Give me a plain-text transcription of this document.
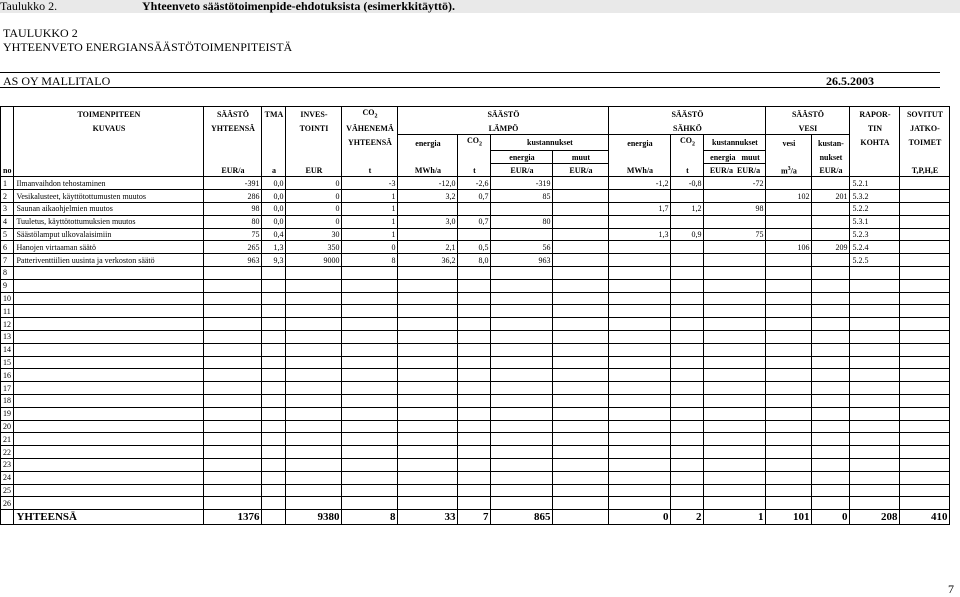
Taulukko 2.	Yhteenveto säästötoimenpide-ehdotuksista (esimerkkitäyttö).
TAULUKKO 2
YHTEENVETO ENERGIANSÄÄSTÖTOIMENPITEISTÄ
AS OY MALLITALO	26.5.2003
	TOIMENPITEEN	SÄÄSTÖ	TMA	INVES-	$CO_2$	SÄÄSTÖ				SÄÄSTÖ			SÄÄSTÖ		RAPOR-	SOVITUT
	KUVAUS	YHTEENSÄ		TOINTI	VÄHENEMÄ	LÄMPÖ				SÄHKÖ			VESI		TIN	JATKO-
					YHTEENSÄ	energia	$CO_2$	kustannukset		energia	$CO_2$	kustannukset	vesi	kustan-	KOHTA	TOIMET
								energia	muut			energia muut		nukset		
no		EUR/a	a	EUR	t	MWh/a	t	EUR/a	EUR/a	MWh/a	t	EUR/a EUR/a	$m^3/a$	EUR/a		T,P,H,E
1	Ilmanvaihdon tehostaminen	-391	0,0	0	-3	-12,0	-2,6	-319		-1,2	-0,8	-72			5.2.1	
2	Vesikalusteet, käyttötottumusten muutos	286	0,0	0	1	3,2	0,7	85					102	201	5.3.2	
3	Saunan aikaohjelmien muutos	98	0,0	0	1					1,7	1,2	98			5.2.2	
4	Tuuletus, käyttötottumuksien muutos	80	0,0	0	1	3,0	0,7	80							5.3.1	
5	Säästölamput ulkovalaisimiin	75	0,4	30	1					1,3	0,9	75			5.2.3	
6	Hanojen virtaaman säätö	265	1,3	350	0	2,1	0,5	56					106	209	5.2.4	
7	Patteriventtiilien uusinta ja verkoston säätö	963	9,3	9000	8	36,2	8,0	963							5.2.5	
8																
9																
10																
11																
12																
13																
14																
15																
16																
17																
18																
19																
20																
21																
22																
23																
24																
25																
26																
	YHTEENSÄ	1376		9380	8	33	7	865		0	2	1	101	0	208	410
7
